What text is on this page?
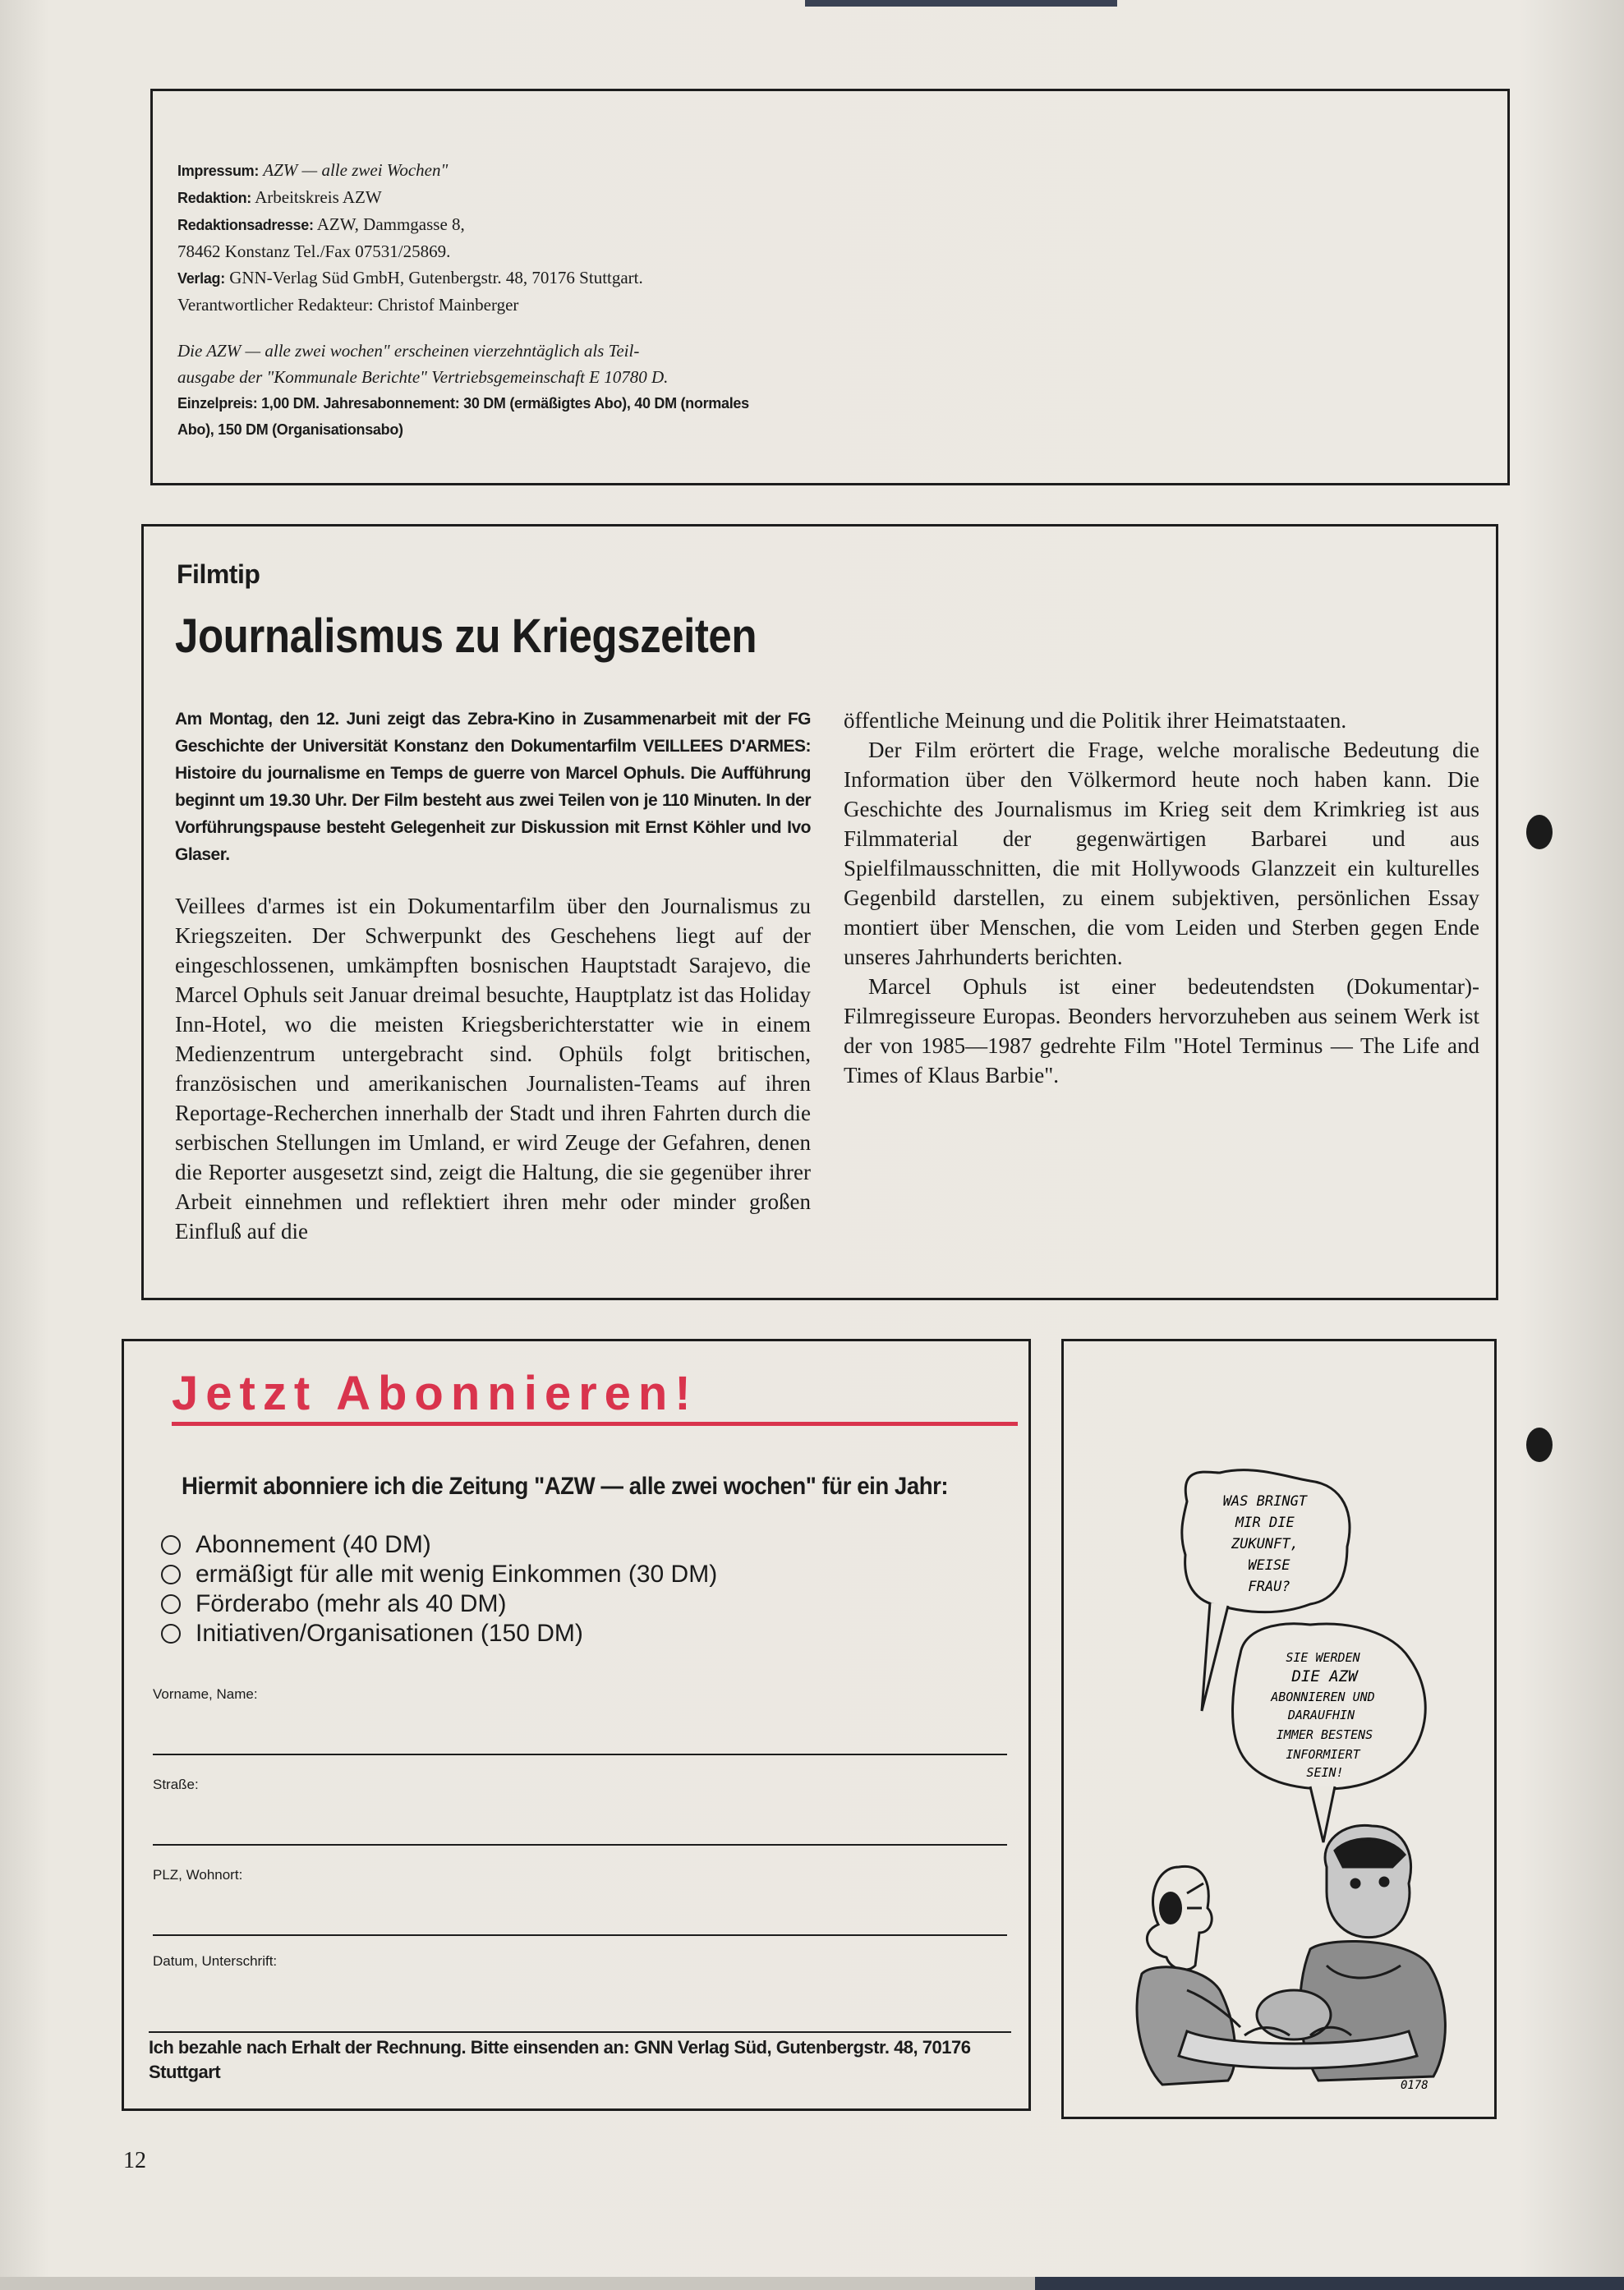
Impressum: AZW — alle zwei Wochen"
Redaktion: Arbeitskreis AZW
Redaktionsadresse: AZW, Dammgasse 8,
78462 Konstanz Tel./Fax 07531/25869.
Verlag: GNN-Verlag Süd GmbH, Gutenbergstr. 48, 70176 Stuttgart.
Verantwortlicher Redakteur: Christof Mainberger
Die AZW — alle zwei wochen" erscheinen vierzehntäglich als Teil-
ausgabe der "Kommunale Berichte" Vertriebsgemeinschaft E 10780 D.
Einzelpreis: 1,00 DM. Jahresabonnement: 30 DM (ermäßigtes Abo), 40 DM (normales
Abo), 150 DM (Organisationsabo)
Filmtip
Journalismus zu Kriegszeiten
Am Montag, den 12. Juni zeigt das Zebra-Kino in Zusammenarbeit mit der FG Geschichte der Universität Konstanz den Dokumentarfilm VEILLEES D'ARMES: Histoire du journalisme en Temps de guerre von Marcel Ophuls. Die Aufführung beginnt um 19.30 Uhr. Der Film besteht aus zwei Teilen von je 110 Minuten. In der Vorführungspause besteht Gelegenheit zur Diskussion mit Ernst Köhler und Ivo Glaser.
Veillees d'armes ist ein Dokumentarfilm über den Journalismus zu Kriegszeiten. Der Schwerpunkt des Geschehens liegt auf der eingeschlossenen, umkämpften bosnischen Hauptstadt Sarajevo, die Marcel Ophuls seit Januar dreimal besuchte, Hauptplatz ist das Holiday Inn-Hotel, wo die meisten Kriegsberichterstatter wie in einem Medienzentrum untergebracht sind. Ophüls folgt britischen, französischen und amerikanischen Journalisten-Teams auf ihren Reportage-Recherchen innerhalb der Stadt und ihren Fahrten durch die serbischen Stellungen im Umland, er wird Zeuge der Gefahren, denen die Reporter ausgesetzt sind, zeigt die Haltung, die sie gegenüber ihrer Arbeit einnehmen und reflektiert ihren mehr oder minder großen Einfluß auf die
öffentliche Meinung und die Politik ihrer Heimatstaaten.
Der Film erörtert die Frage, welche moralische Bedeutung die Information über den Völkermord heute noch haben kann. Die Geschichte des Journalismus im Krieg seit dem Krimkrieg ist aus Filmmaterial der gegenwärtigen Barbarei und aus Spielfilmausschnitten, die mit Hollywoods Glanzzeit ein kulturelles Gegenbild darstellen, zu einem subjektiven, persönlichen Essay montiert über Menschen, die vom Leiden und Sterben gegen Ende unseres Jahrhunderts berichten.
Marcel Ophuls ist einer bedeutendsten (Dokumentar)-Filmregisseure Europas. Beonders hervorzuheben aus seinem Werk ist der von 1985—1987 gedrehte Film "Hotel Terminus — The Life and Times of Klaus Barbie".
Jetzt Abonnieren!
Hiermit abonniere ich die Zeitung "AZW — alle zwei wochen" für ein Jahr:
Abonnement (40 DM)
ermäßigt für alle mit wenig Einkommen (30 DM)
Förderabo (mehr als 40 DM)
Initiativen/Organisationen (150 DM)
Vorname, Name:
Straße:
PLZ, Wohnort:
Datum, Unterschrift:
Ich bezahle nach Erhalt der Rechnung. Bitte einsenden an: GNN Verlag Süd, Gutenbergstr. 48, 70176 Stuttgart
WAS BRINGT MIR DIE ZUKUNFT, WEISE FRAU?
SIE WERDEN DIE AZW ABONNIEREN UND DARAUFHIN IMMER BESTENS INFORMIERT SEIN!
0178
12
